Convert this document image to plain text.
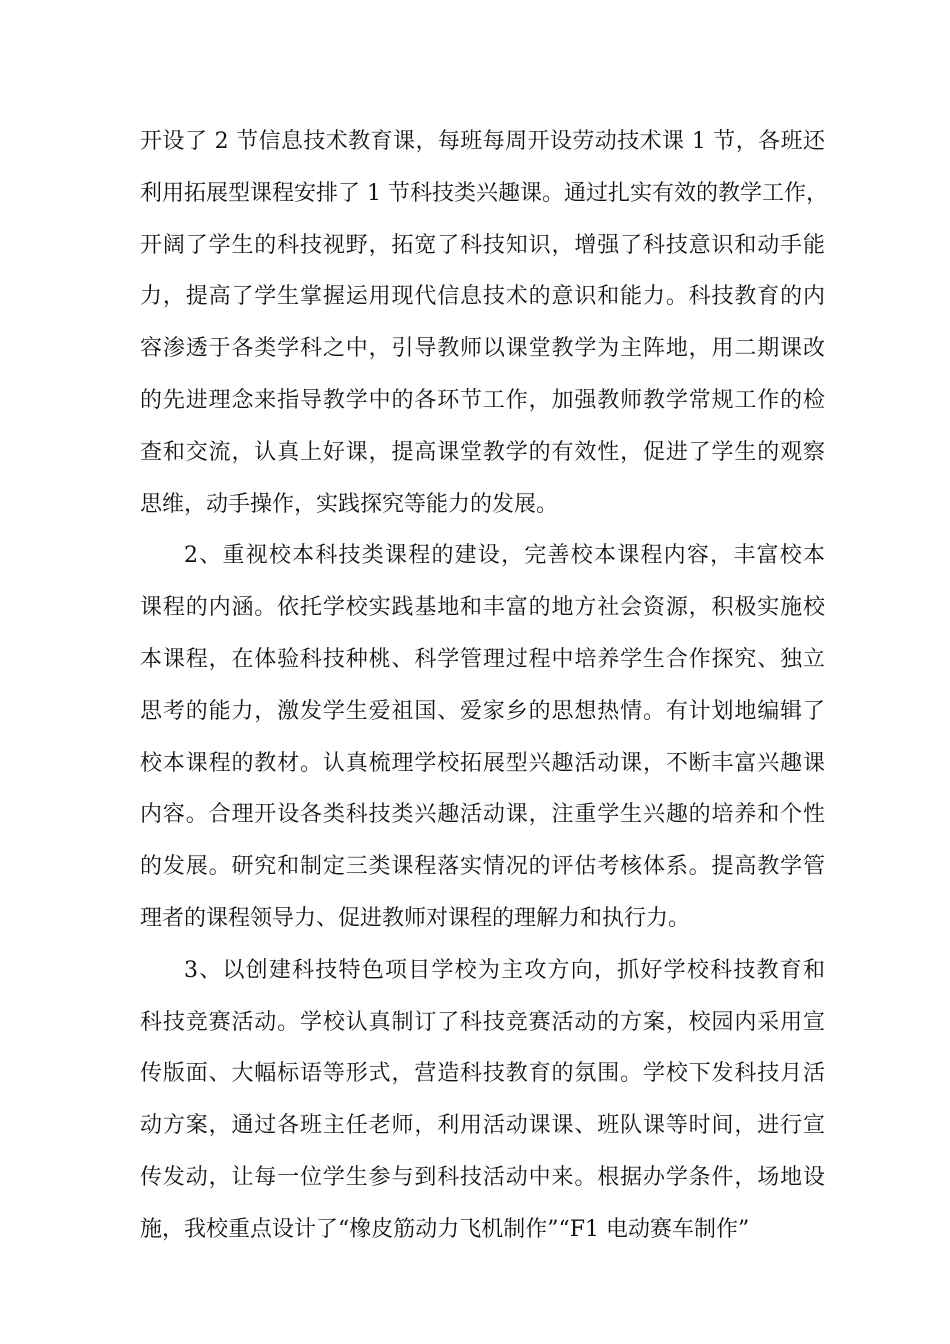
开设了 2 节信息技术教育课，每班每周开设劳动技术课 1 节，各班还
利用拓展型课程安排了 1 节科技类兴趣课。通过扎实有效的教学工作，
开阔了学生的科技视野，拓宽了科技知识，增强了科技意识和动手能
力，提高了学生掌握运用现代信息技术的意识和能力。科技教育的内
容渗透于各类学科之中，引导教师以课堂教学为主阵地，用二期课改
的先进理念来指导教学中的各环节工作，加强教师教学常规工作的检
查和交流，认真上好课，提高课堂教学的有效性，促进了学生的观察
思维，动手操作，实践探究等能力的发展。
2、重视校本科技类课程的建设，完善校本课程内容，丰富校本
课程的内涵。依托学校实践基地和丰富的地方社会资源，积极实施校
本课程，在体验科技种桃、科学管理过程中培养学生合作探究、独立
思考的能力，激发学生爱祖国、爱家乡的思想热情。有计划地编辑了
校本课程的教材。认真梳理学校拓展型兴趣活动课，不断丰富兴趣课
内容。合理开设各类科技类兴趣活动课，注重学生兴趣的培养和个性
的发展。研究和制定三类课程落实情况的评估考核体系。提高教学管
理者的课程领导力、促进教师对课程的理解力和执行力。
3、以创建科技特色项目学校为主攻方向，抓好学校科技教育和
科技竞赛活动。学校认真制订了科技竞赛活动的方案，校园内采用宣
传版面、大幅标语等形式，营造科技教育的氛围。学校下发科技月活
动方案，通过各班主任老师，利用活动课课、班队课等时间，进行宣
传发动，让每一位学生参与到科技活动中来。根据办学条件，场地设
施，我校重点设计了“橡皮筋动力飞机制作”“F1 电动赛车制作”
